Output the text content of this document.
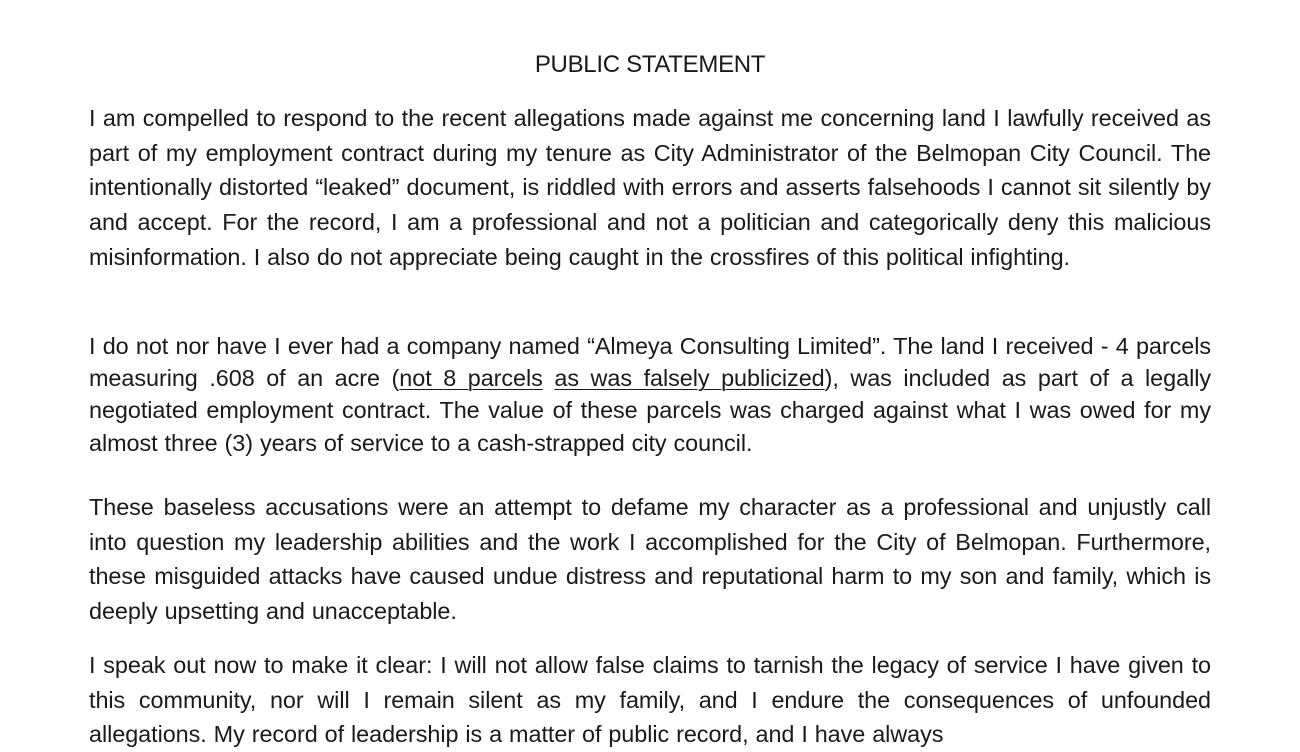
PUBLIC STATEMENT

I am compelled to respond to the recent allegations made against me concerning land I lawfully received as part of my employment contract during my tenure as City Administrator of the Belmopan City Council. The intentionally distorted “leaked” document, is riddled with errors and asserts falsehoods I cannot sit silently by and accept. For the record, I am a professional and not a politician and categorically deny this malicious misinformation. I also do not appreciate being caught in the crossfires of this political infighting.

I do not nor have I ever had a company named “Almeya Consulting Limited”. The land I received - 4 parcels measuring .608 of an acre (not 8 parcels as was falsely publicized), was included as part of a legally negotiated employment contract. The value of these parcels was charged against what I was owed for my almost three (3) years of service to a cash-strapped city council.

These baseless accusations were an attempt to defame my character as a professional and unjustly call into question my leadership abilities and the work I accomplished for the City of Belmopan. Furthermore, these misguided attacks have caused undue distress and reputational harm to my son and family, which is deeply upsetting and unacceptable.

I speak out now to make it clear: I will not allow false claims to tarnish the legacy of service I have given to this community, nor will I remain silent as my family, and I endure the consequences of unfounded allegations. My record of leadership is a matter of public record, and I have always
